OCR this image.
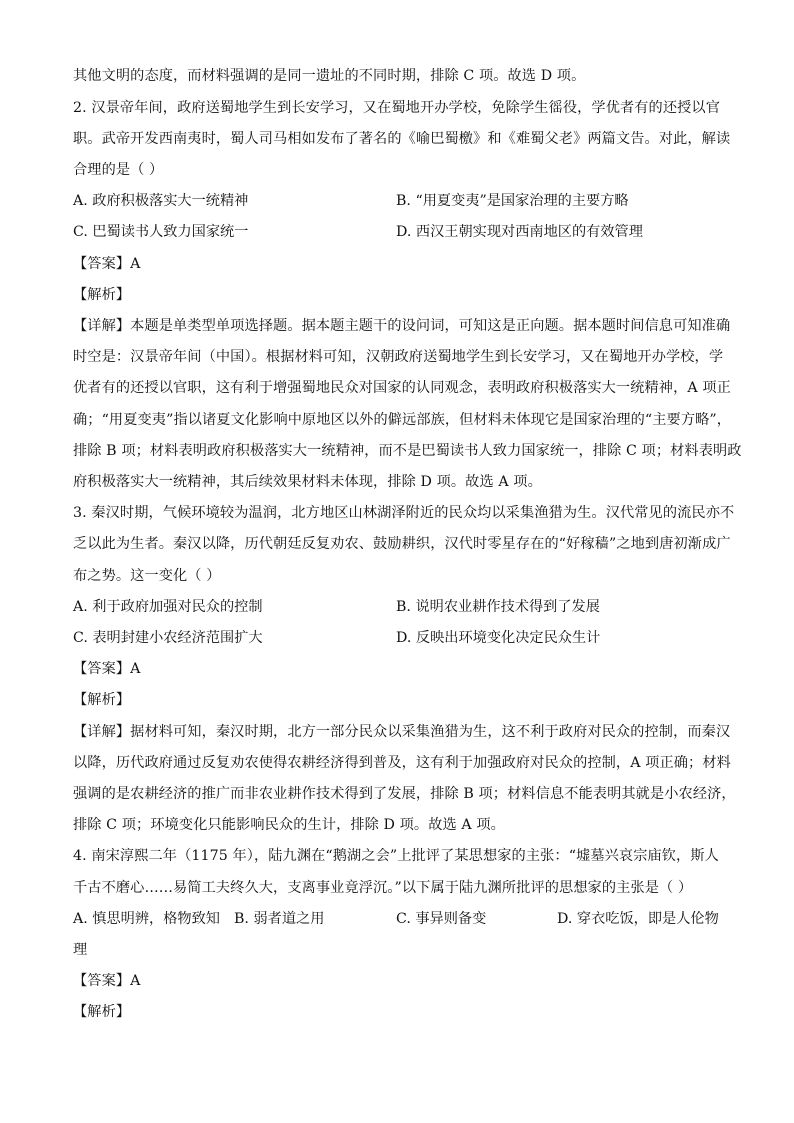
其他文明的态度，而材料强调的是同一遗址的不同时期，排除 C 项。故选 D 项。
2. 汉景帝年间，政府送蜀地学生到长安学习，又在蜀地开办学校，免除学生徭役，学优者有的还授以官
职。武帝开发西南夷时，蜀人司马相如发布了著名的《喻巴蜀檄》和《难蜀父老》两篇文告。对此，解读
合理的是（ ）
A. 政府积极落实大一统精神	B. “用夏变夷”是国家治理的主要方略
C. 巴蜀读书人致力国家统一	D. 西汉王朝实现对西南地区的有效管理
【答案】A
【解析】
【详解】本题是单类型单项选择题。据本题主题干的设问词，可知这是正向题。据本题时间信息可知准确
时空是：汉景帝年间（中国）。根据材料可知，汉朝政府送蜀地学生到长安学习，又在蜀地开办学校，学
优者有的还授以官职，这有利于增强蜀地民众对国家的认同观念，表明政府积极落实大一统精神，A 项正
确；“用夏变夷”指以诸夏文化影响中原地区以外的僻远部族，但材料未体现它是国家治理的“主要方略”，
排除 B 项；材料表明政府积极落实大一统精神，而不是巴蜀读书人致力国家统一，排除 C 项；材料表明政
府积极落实大一统精神，其后续效果材料未体现，排除 D 项。故选 A 项。
3. 秦汉时期，气候环境较为温润，北方地区山林湖泽附近的民众均以采集渔猎为生。汉代常见的流民亦不
乏以此为生者。秦汉以降，历代朝廷反复劝农、鼓励耕织，汉代时零星存在的“好稼穑”之地到唐初渐成广
布之势。这一变化（ ）
A. 利于政府加强对民众的控制	B. 说明农业耕作技术得到了发展
C. 表明封建小农经济范围扩大	D. 反映出环境变化决定民众生计
【答案】A
【解析】
【详解】据材料可知，秦汉时期，北方一部分民众以采集渔猎为生，这不利于政府对民众的控制，而秦汉
以降，历代政府通过反复劝农使得农耕经济得到普及，这有利于加强政府对民众的控制，A 项正确；材料
强调的是农耕经济的推广而非农业耕作技术得到了发展，排除 B 项；材料信息不能表明其就是小农经济，
排除 C 项；环境变化只能影响民众的生计，排除 D 项。故选 A 项。
4. 南宋淳熙二年（1175 年），陆九渊在“鹅湖之会”上批评了某思想家的主张：“墟墓兴哀宗庙钦，斯人
千古不磨心……易简工夫终久大，支离事业竟浮沉。”以下属于陆九渊所批评的思想家的主张是（ ）
A. 慎思明辨，格物致知 B. 弱者道之用	C. 事异则备变	D. 穿衣吃饭，即是人伦物
理
【答案】A
【解析】
